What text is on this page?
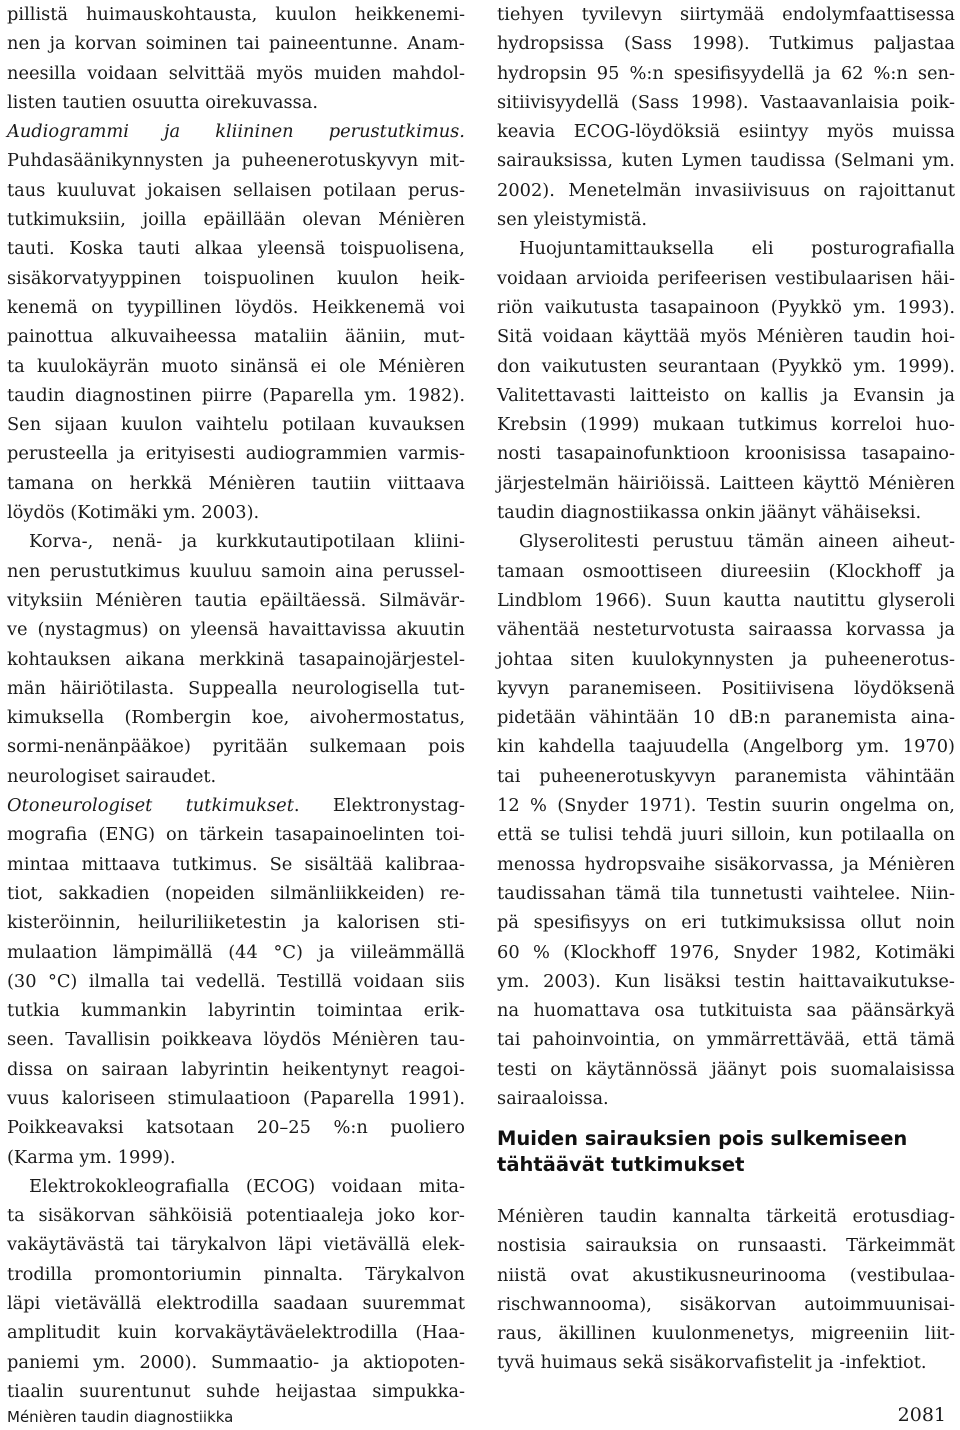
pillistä huimauskohtausta, kuulon heikkenemi-
nen ja korvan soiminen tai paineentunne. Anam-
neesilla voidaan selvittää myös muiden mahdol-
listen tautien osuutta oirekuvassa.
Audiogrammi ja kliininen perustutkimus.
Puhdasäänikynnysten ja puheenerotuskyvyn mit-
taus kuuluvat jokaisen sellaisen potilaan perus-
tutkimuksiin, joilla epäillään olevan Ménièren
tauti. Koska tauti alkaa yleensä toispuolisena,
sisäkorvatyyppinen toispuolinen kuulon heik-
kenemä on tyypillinen löydös. Heikkenemä voi
painottua alkuvaiheessa mataliin ääniin, mut-
ta kuulokäyrän muoto sinänsä ei ole Ménièren
taudin diagnostinen piirre (Paparella ym. 1982).
Sen sijaan kuulon vaihtelu potilaan kuvauksen
perusteella ja erityisesti audiogrammien varmis-
tamana on herkkä Ménièren tautiin viittaava
löydös (Kotimäki ym. 2003).
Korva-, nenä- ja kurkkutautipotilaan kliini-
nen perustutkimus kuuluu samoin aina perussel-
vityksiin Ménièren tautia epäiltäessä. Silmävär-
ve (nystagmus) on yleensä havaittavissa akuutin
kohtauksen aikana merkkinä tasapainojärjestel-
män häiriötilasta. Suppealla neurologisella tut-
kimuksella (Rombergin koe, aivohermostatus,
sormi-nenänpääkoe) pyritään sulkemaan pois
neurologiset sairaudet.
Otoneurologiset tutkimukset. Elektronystag-
mografia (ENG) on tärkein tasapainoelinten toi-
mintaa mittaava tutkimus. Se sisältää kalibraa-
tiot, sakkadien (nopeiden silmänliikkeiden) re-
kisteröinnin, heiluriliiketestin ja kalorisen sti-
mulaation lämpimällä (44 °C) ja viileämmällä
(30 °C) ilmalla tai vedellä. Testillä voidaan siis
tutkia kummankin labyrintin toimintaa erik-
seen. Tavallisin poikkeava löydös Ménièren tau-
dissa on sairaan labyrintin heikentynyt reagoi-
vuus kaloriseen stimulaatioon (Paparella 1991).
Poikkeavaksi katsotaan 20–25 %:n puoliero
(Karma ym. 1999).
Elektrokokleografialla (ECOG) voidaan mita-
ta sisäkorvan sähköisiä potentiaaleja joko kor-
vakäytävästä tai tärykalvon läpi vietävällä elek-
trodilla promontoriumin pinnalta. Tärykalvon
läpi vietävällä elektrodilla saadaan suuremmat
amplitudit kuin korvakäytäväelektrodilla (Haa-
paniemi ym. 2000). Summaatio- ja aktiopoten-
tiaalin suurentunut suhde heijastaa simpukka-
tiehyen tyvilevyn siirtymää endolymfaattisessa
hydropsissa (Sass 1998). Tutkimus paljastaa
hydropsin 95 %:n spesifisyydellä ja 62 %:n sen-
sitiivisyydellä (Sass 1998). Vastaavanlaisia poik-
keavia ECOG-löydöksiä esiintyy myös muissa
sairauksissa, kuten Lymen taudissa (Selmani ym.
2002). Menetelmän invasiivisuus on rajoittanut
sen yleistymistä.
Huojuntamittauksella eli posturografialla
voidaan arvioida perifeerisen vestibulaarisen häi-
riön vaikutusta tasapainoon (Pyykkö ym. 1993).
Sitä voidaan käyttää myös Ménièren taudin hoi-
don vaikutusten seurantaan (Pyykkö ym. 1999).
Valitettavasti laitteisto on kallis ja Evansin ja
Krebsin (1999) mukaan tutkimus korreloi huo-
nosti tasapainofunktioon kroonisissa tasapaino-
järjestelmän häiriöissä. Laitteen käyttö Ménièren
taudin diagnostiikassa onkin jäänyt vähäiseksi.
Glyserolitesti perustuu tämän aineen aiheut-
tamaan osmoottiseen diureesiin (Klockhoff ja
Lindblom 1966). Suun kautta nautittu glyseroli
vähentää nesteturvotusta sairaassa korvassa ja
johtaa siten kuulokynnysten ja puheenerotus-
kyvyn paranemiseen. Positiivisena löydöksenä
pidetään vähintään 10 dB:n paranemista aina-
kin kahdella taajuudella (Angelborg ym. 1970)
tai puheenerotuskyvyn paranemista vähintään
12 % (Snyder 1971). Testin suurin ongelma on,
että se tulisi tehdä juuri silloin, kun potilaalla on
menossa hydropsvaihe sisäkorvassa, ja Ménièren
taudissahan tämä tila tunnetusti vaihtelee. Niin-
pä spesifisyys on eri tutkimuksissa ollut noin
60 % (Klockhoff 1976, Snyder 1982, Kotimäki
ym. 2003). Kun lisäksi testin haittavaikutukse-
na huomattava osa tutkituista saa päänsärkyä
tai pahoinvointia, on ymmärrettävää, että tämä
testi on käytännössä jäänyt pois suomalaisissa
sairaaloissa.
Muiden sairauksien pois sulkemiseen
tähtäävät tutkimukset
Ménièren taudin kannalta tärkeitä erotusdiag-
nostisia sairauksia on runsaasti. Tärkeimmät
niistä ovat akustikusneurinooma (vestibulaa-
rischwannooma), sisäkorvan autoimmuunisai-
raus, äkillinen kuulonmenetys, migreeniin liit-
tyvä huimaus sekä sisäkorvafistelit ja -infektiot.
Ménièren taudin diagnostiikka	2081
